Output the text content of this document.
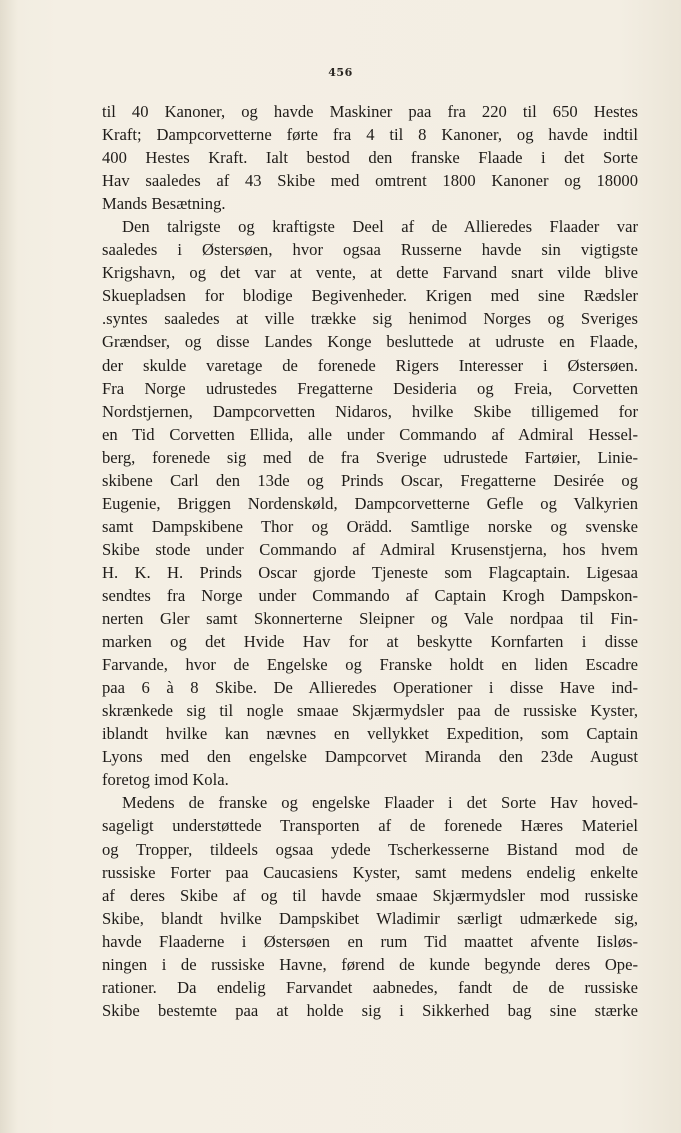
456
til 40 Kanoner, og havde Maskiner paa fra 220 til 650 Hestes
Kraft; Dampcorvetterne førte fra 4 til 8 Kanoner, og havde indtil
400 Hestes Kraft. Ialt bestod den franske Flaade i det Sorte
Hav saaledes af 43 Skibe med omtrent 1800 Kanoner og 18000
Mands Besætning.
Den talrigste og kraftigste Deel af de Allieredes Flaader var
saaledes i Østersøen, hvor ogsaa Russerne havde sin vigtigste
Krigshavn, og det var at vente, at dette Farvand snart vilde blive
Skuepladsen for blodige Begivenheder. Krigen med sine Rædsler
.syntes saaledes at ville trække sig henimod Norges og Sveriges
Grændser, og disse Landes Konge besluttede at udruste en Flaade,
der skulde varetage de forenede Rigers Interesser i Østersøen.
Fra Norge udrustedes Fregatterne Desideria og Freia, Corvetten
Nordstjernen, Dampcorvetten Nidaros, hvilke Skibe tilligemed for
en Tid Corvetten Ellida, alle under Commando af Admiral Hessel-
berg, forenede sig med de fra Sverige udrustede Fartøier, Linie-
skibene Carl den 13de og Prinds Oscar, Fregatterne Desirée og
Eugenie, Briggen Nordenskøld, Dampcorvetterne Gefle og Valkyrien
samt Dampskibene Thor og Orädd. Samtlige norske og svenske
Skibe stode under Commando af Admiral Krusenstjerna, hos hvem
H. K. H. Prinds Oscar gjorde Tjeneste som Flagcaptain. Ligesaa
sendtes fra Norge under Commando af Captain Krogh Dampskon-
nerten Gler samt Skonnerterne Sleipner og Vale nordpaa til Fin-
marken og det Hvide Hav for at beskytte Kornfarten i disse
Farvande, hvor de Engelske og Franske holdt en liden Escadre
paa 6 à 8 Skibe. De Allieredes Operationer i disse Have ind-
skrænkede sig til nogle smaae Skjærmydsler paa de russiske Kyster,
iblandt hvilke kan nævnes en vellykket Expedition, som Captain
Lyons med den engelske Dampcorvet Miranda den 23de August
foretog imod Kola.
Medens de franske og engelske Flaader i det Sorte Hav hoved-
sageligt understøttede Transporten af de forenede Hæres Materiel
og Tropper, tildeels ogsaa ydede Tscherkesserne Bistand mod de
russiske Forter paa Caucasiens Kyster, samt medens endelig enkelte
af deres Skibe af og til havde smaae Skjærmydsler mod russiske
Skibe, blandt hvilke Dampskibet Wladimir særligt udmærkede sig,
havde Flaaderne i Østersøen en rum Tid maattet afvente Iisløs-
ningen i de russiske Havne, førend de kunde begynde deres Ope-
rationer. Da endelig Farvandet aabnedes, fandt de de russiske
Skibe bestemte paa at holde sig i Sikkerhed bag sine stærke
